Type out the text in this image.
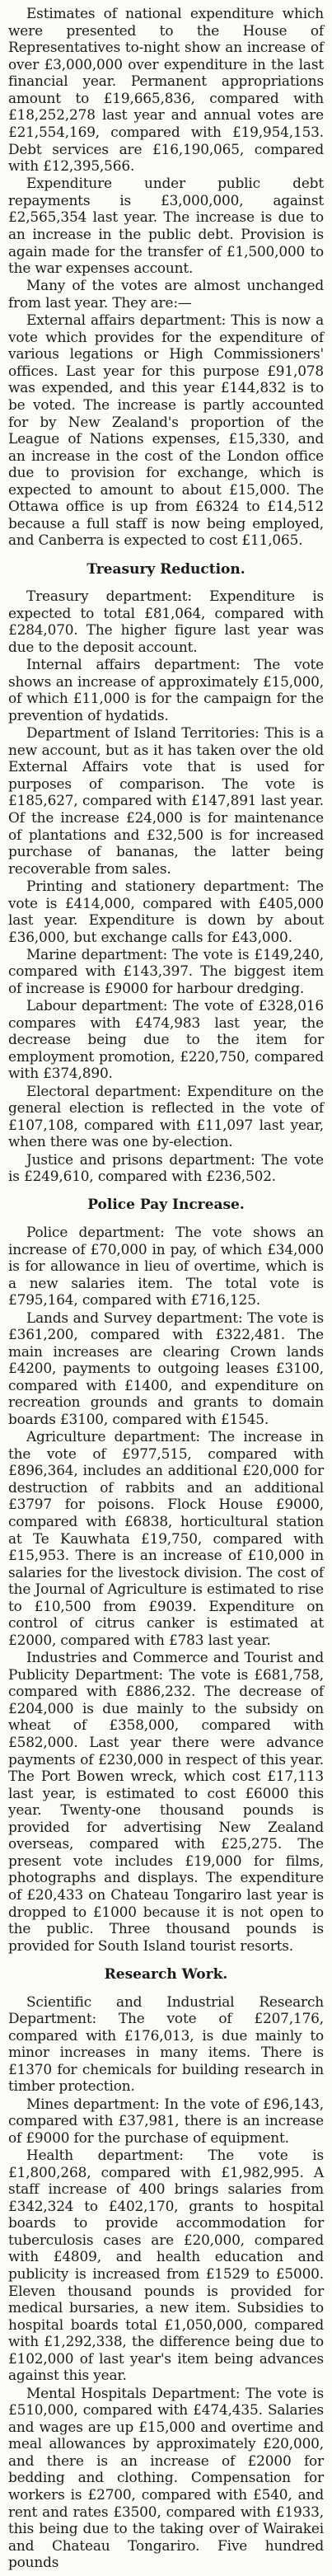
Estimates of national expenditure which were presented to the House of Representatives to-night show an increase of over £3,000,000 over expenditure in the last financial year. Permanent appropriations amount to £19,665,836, compared with £18,252,278 last year and annual votes are £21,554,169, compared with £19,954,153. Debt services are £16,190,065, compared with £12,395,566.

Expenditure under public debt repayments is £3,000,000, against £2,565,354 last year. The increase is due to an increase in the public debt. Provision is again made for the transfer of £1,500,000 to the war expenses account.

Many of the votes are almost unchanged from last year. They are:—

External affairs department: This is now a vote which provides for the expenditure of various legations or High Commissioners' offices. Last year for this purpose £91,078 was expended, and this year £144,832 is to be voted. The increase is partly accounted for by New Zealand's proportion of the League of Nations expenses, £15,330, and an increase in the cost of the London office due to provision for exchange, which is expected to amount to about £15,000. The Ottawa office is up from £6324 to £14,512 because a full staff is now being employed, and Canberra is expected to cost £11,065.

Treasury Reduction.

Treasury department: Expenditure is expected to total £81,064, compared with £284,070. The higher figure last year was due to the deposit account.

Internal affairs department: The vote shows an increase of approximately £15,000, of which £11,000 is for the campaign for the prevention of hydatids.

Department of Island Territories: This is a new account, but as it has taken over the old External Affairs vote that is used for purposes of comparison. The vote is £185,627, compared with £147,891 last year. Of the increase £24,000 is for maintenance of plantations and £32,500 is for increased purchase of bananas, the latter being recoverable from sales.

Printing and stationery department: The vote is £414,000, compared with £405,000 last year. Expenditure is down by about £36,000, but exchange calls for £43,000.

Marine department: The vote is £149,240, compared with £143,397. The biggest item of increase is £9000 for harbour dredging.

Labour department: The vote of £328,016 compares with £474,983 last year, the decrease being due to the item for employment promotion, £220,750, compared with £374,890.

Electoral department: Expenditure on the general election is reflected in the vote of £107,108, compared with £11,097 last year, when there was one by-election.

Justice and prisons department: The vote is £249,610, compared with £236,502.

Police Pay Increase.

Police department: The vote shows an increase of £70,000 in pay, of which £34,000 is for allowance in lieu of overtime, which is a new salaries item. The total vote is £795,164, compared with £716,125.

Lands and Survey department: The vote is £361,200, compared with £322,481. The main increases are clearing Crown lands £4200, payments to outgoing leases £3100, compared with £1400, and expenditure on recreation grounds and grants to domain boards £3100, compared with £1545.

Agriculture department: The increase in the vote of £977,515, compared with £896,364, includes an additional £20,000 for destruction of rabbits and an additional £3797 for poisons. Flock House £9000, compared with £6838, horticultural station at Te Kauwhata £19,750, compared with £15,953. There is an increase of £10,000 in salaries for the livestock division. The cost of the Journal of Agriculture is estimated to rise to £10,500 from £9039. Expenditure on control of citrus canker is estimated at £2000, compared with £783 last year.

Industries and Commerce and Tourist and Publicity Department: The vote is £681,758, compared with £886,232. The decrease of £204,000 is due mainly to the subsidy on wheat of £358,000, compared with £582,000. Last year there were advance payments of £230,000 in respect of this year. The Port Bowen wreck, which cost £17,113 last year, is estimated to cost £6000 this year. Twenty-one thousand pounds is provided for advertising New Zealand overseas, compared with £25,275. The present vote includes £19,000 for films, photographs and displays. The expenditure of £20,433 on Chateau Tongariro last year is dropped to £1000 because it is not open to the public. Three thousand pounds is provided for South Island tourist resorts.

Research Work.

Scientific and Industrial Research Department: The vote of £207,176, compared with £176,013, is due mainly to minor increases in many items. There is £1370 for chemicals for building research in timber protection.

Mines department: In the vote of £96,143, compared with £37,981, there is an increase of £9000 for the purchase of equipment.

Health department: The vote is £1,800,268, compared with £1,982,995. A staff increase of 400 brings salaries from £342,324 to £402,170, grants to hospital boards to provide accommodation for tuberculosis cases are £20,000, compared with £4809, and health education and publicity is increased from £1529 to £5000. Eleven thousand pounds is provided for medical bursaries, a new item. Subsidies to hospital boards total £1,050,000, compared with £1,292,338, the difference being due to £102,000 of last year's item being advances against this year.

Mental Hospitals Department: The vote is £510,000, compared with £474,435. Salaries and wages are up £15,000 and overtime and meal allowances by approximately £20,000, and there is an increase of £2000 for bedding and clothing. Compensation for workers is £2700, compared with £540, and rent and rates £3500, compared with £1933, this being due to the taking over of Wairakei and Chateau Tongariro. Five hundred pounds
